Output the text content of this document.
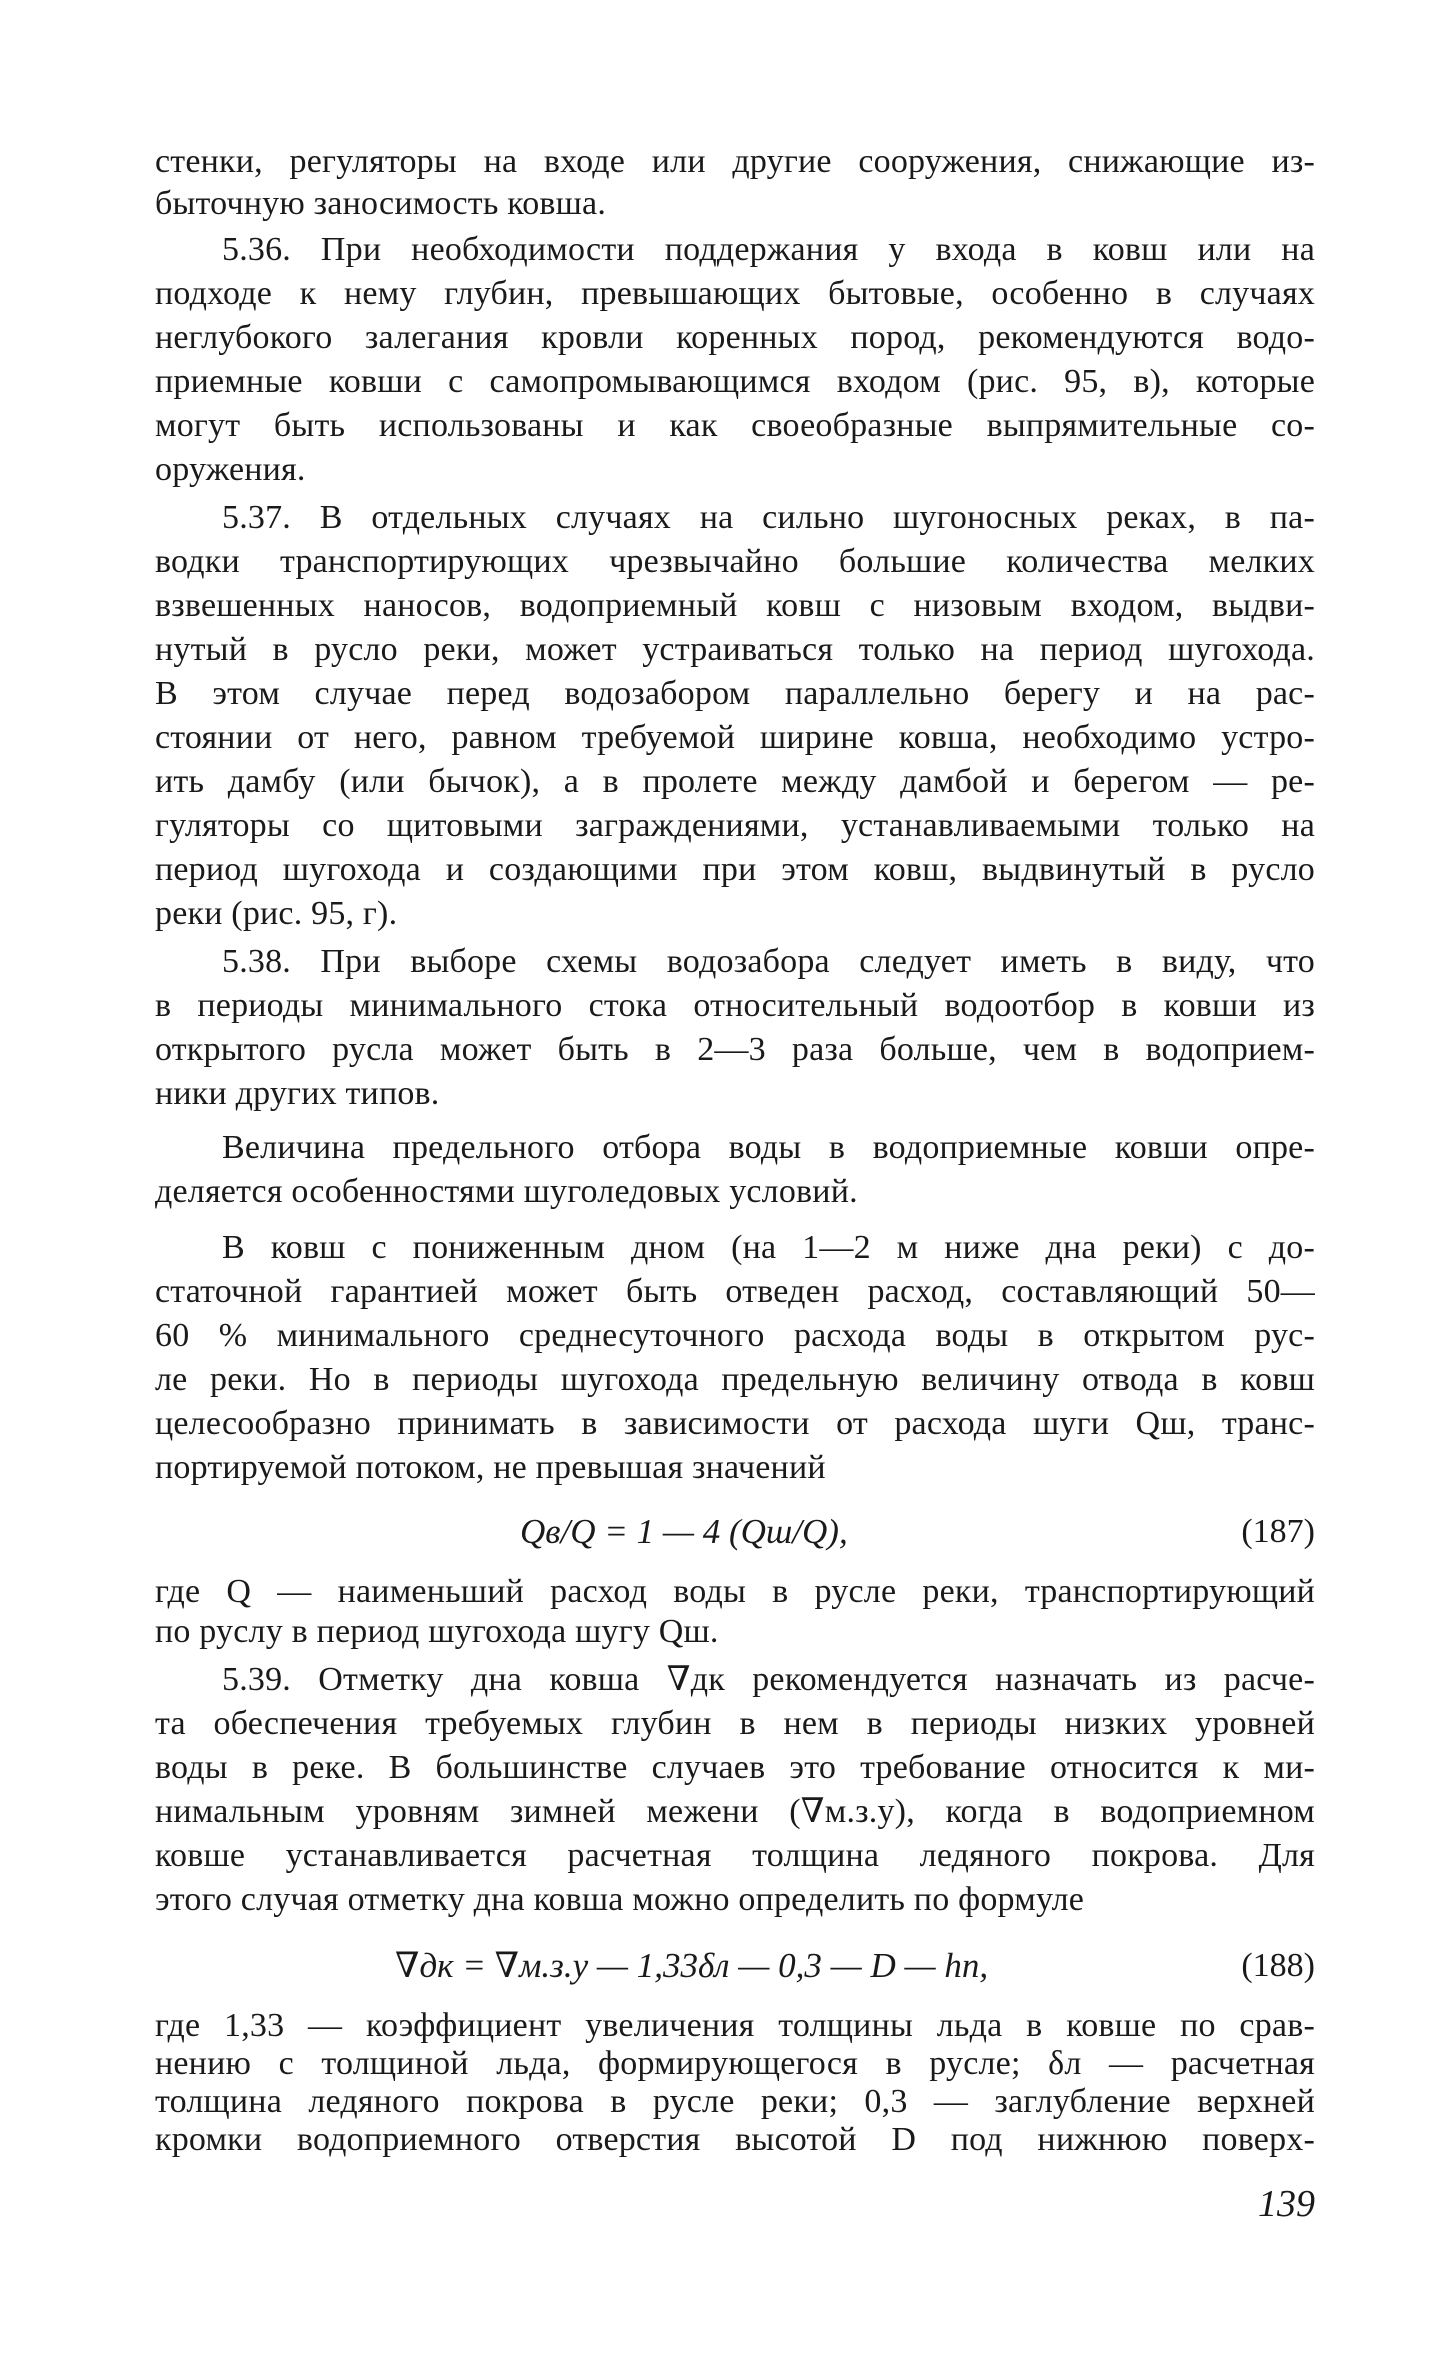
стенки, регуляторы на входе или другие сооружения, снижающие из-
быточную заносимость ковша.
5.36. При необходимости поддержания у входа в ковш или на
подходе к нему глубин, превышающих бытовые, особенно в случаях
неглубокого залегания кровли коренных пород, рекомендуются водо-
приемные ковши с самопромывающимся входом (рис. 95, в), которые
могут быть использованы и как своеобразные выпрямительные со-
оружения.
5.37. В отдельных случаях на сильно шугоносных реках, в па-
водки транспортирующих чрезвычайно большие количества мелких
взвешенных наносов, водоприемный ковш с низовым входом, выдви-
нутый в русло реки, может устраиваться только на период шугохода.
В этом случае перед водозабором параллельно берегу и на рас-
стоянии от него, равном требуемой ширине ковша, необходимо устро-
ить дамбу (или бычок), а в пролете между дамбой и берегом — ре-
гуляторы со щитовыми заграждениями, устанавливаемыми только на
период шугохода и создающими при этом ковш, выдвинутый в русло
реки (рис. 95, г).
5.38. При выборе схемы водозабора следует иметь в виду, что
в периоды минимального стока относительный водоотбор в ковши из
открытого русла может быть в 2—3 раза больше, чем в водоприем-
ники других типов.
Величина предельного отбора воды в водоприемные ковши опре-
деляется особенностями шуголедовых условий.
В ковш с пониженным дном (на 1—2 м ниже дна реки) с до-
статочной гарантией может быть отведен расход, составляющий 50—
60 % минимального среднесуточного расхода воды в открытом рус-
ле реки. Но в периоды шугохода предельную величину отвода в ковш
целесообразно принимать в зависимости от расхода шуги Qш, транс-
портируемой потоком, не превышая значений
Qв/Q = 1 — 4 (Qш/Q),	(187)
где Q — наименьший расход воды в русле реки, транспортирующий
по руслу в период шугохода шугу Qш.
5.39. Отметку дна ковша ∇дк рекомендуется назначать из расче-
та обеспечения требуемых глубин в нем в периоды низких уровней
воды в реке. В большинстве случаев это требование относится к ми-
нимальным уровням зимней межени (∇м.з.у), когда в водоприемном
ковше устанавливается расчетная толщина ледяного покрова. Для
этого случая отметку дна ковша можно определить по формуле
∇дк = ∇м.з.у — 1,33δл — 0,3 — D — hп,	(188)
где 1,33 — коэффициент увеличения толщины льда в ковше по срав-
нению с толщиной льда, формирующегося в русле; δл — расчетная
толщина ледяного покрова в русле реки; 0,3 — заглубление верхней
кромки водоприемного отверстия высотой D под нижнюю поверх-
139
